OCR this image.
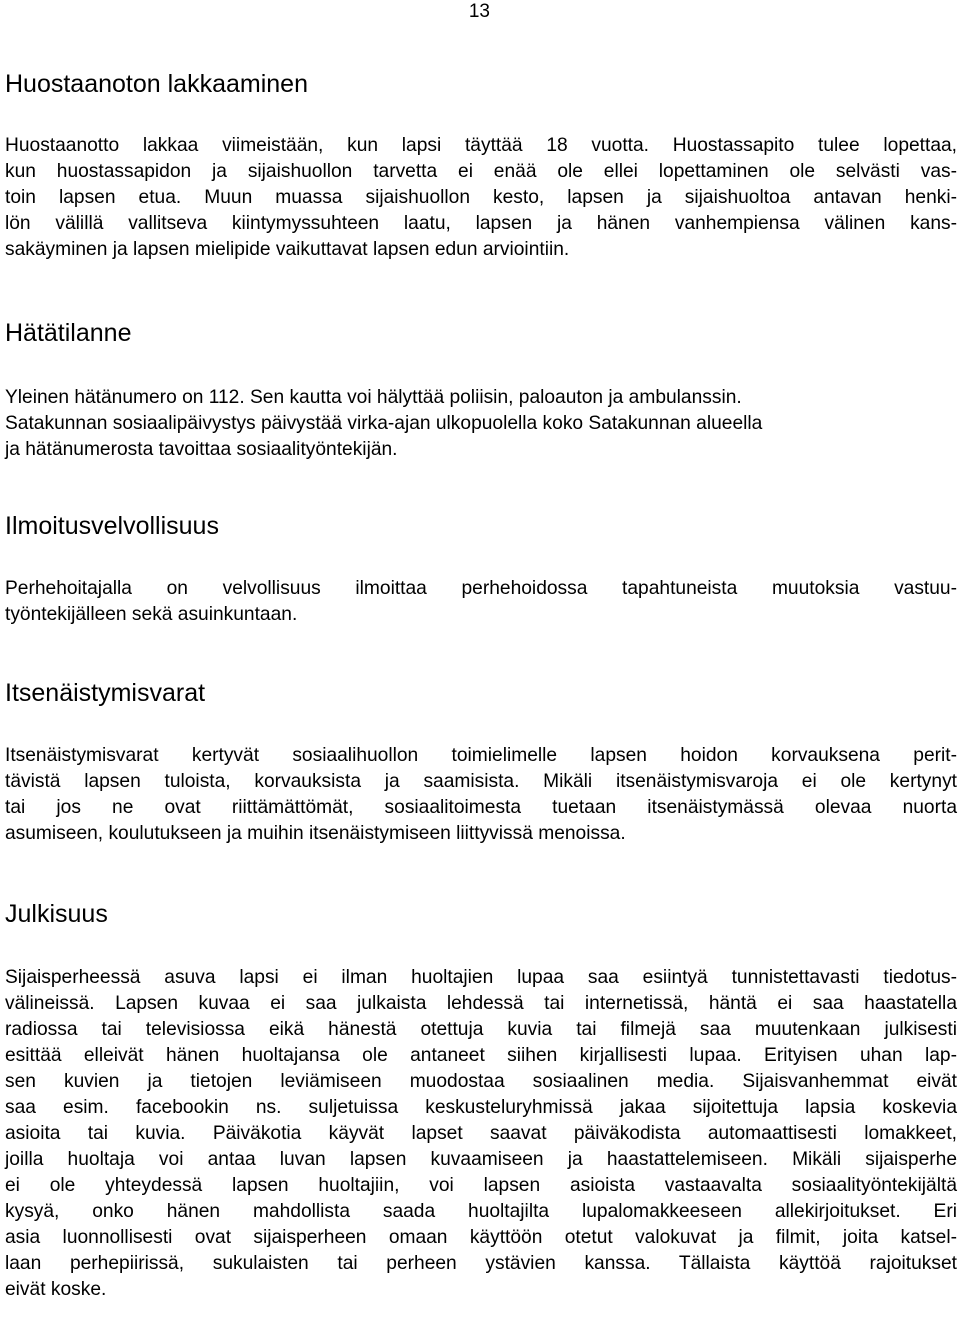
13
Huostaanoton lakkaaminen

Huostaanotto lakkaa viimeistään, kun lapsi täyttää 18 vuotta. Huostassapito tulee lopettaa,
kun huostassapidon ja sijaishuollon tarvetta ei enää ole ellei lopettaminen ole selvästi vas-
toin lapsen etua. Muun muassa sijaishuollon kesto, lapsen ja sijaishuoltoa antavan henki-
lön välillä vallitseva kiintymyssuhteen laatu, lapsen ja hänen vanhempiensa välinen kans-
sakäyminen ja lapsen mielipide vaikuttavat lapsen edun arviointiin.

Hätätilanne

Yleinen hätänumero on 112. Sen kautta voi hälyttää poliisin, paloauton ja ambulanssin.
Satakunnan sosiaalipäivystys päivystää virka-ajan ulkopuolella koko Satakunnan alueella
ja hätänumerosta tavoittaa sosiaalityöntekijän.

Ilmoitusvelvollisuus

Perhehoitajalla on velvollisuus ilmoittaa perhehoidossa tapahtuneista muutoksia vastuu-
työntekijälleen sekä asuinkuntaan.

Itsenäistymisvarat

Itsenäistymisvarat kertyvät sosiaalihuollon toimielimelle lapsen hoidon korvauksena perit-
tävistä lapsen tuloista, korvauksista ja saamisista. Mikäli itsenäistymisvaroja ei ole kertynyt
tai jos ne ovat riittämättömät, sosiaalitoimesta tuetaan itsenäistymässä olevaa nuorta
asumiseen, koulutukseen ja muihin itsenäistymiseen liittyvissä menoissa.

Julkisuus

Sijaisperheessä asuva lapsi ei ilman huoltajien lupaa saa esiintyä tunnistettavasti tiedotus-
välineissä. Lapsen kuvaa ei saa julkaista lehdessä tai internetissä, häntä ei saa haastatella
radiossa tai televisiossa eikä hänestä otettuja kuvia tai filmejä saa muutenkaan julkisesti
esittää elleivät hänen huoltajansa ole antaneet siihen kirjallisesti lupaa. Erityisen uhan lap-
sen kuvien ja tietojen leviämiseen muodostaa sosiaalinen media. Sijaisvanhemmat eivät
saa esim. facebookin ns. suljetuissa keskusteluryhmissä jakaa sijoitettuja lapsia koskevia
asioita tai kuvia. Päiväkotia käyvät lapset saavat päiväkodista automaattisesti lomakkeet,
joilla huoltaja voi antaa luvan lapsen kuvaamiseen ja haastattelemiseen. Mikäli sijaisperhe
ei ole yhteydessä lapsen huoltajiin, voi lapsen asioista vastaavalta sosiaalityöntekijältä
kysyä, onko hänen mahdollista saada huoltajilta lupalomakkeeseen allekirjoitukset. Eri
asia luonnollisesti ovat sijaisperheen omaan käyttöön otetut valokuvat ja filmit, joita katsel-
laan perhepiirissä, sukulaisten tai perheen ystävien kanssa. Tällaista käyttöä rajoitukset
eivät koske.
